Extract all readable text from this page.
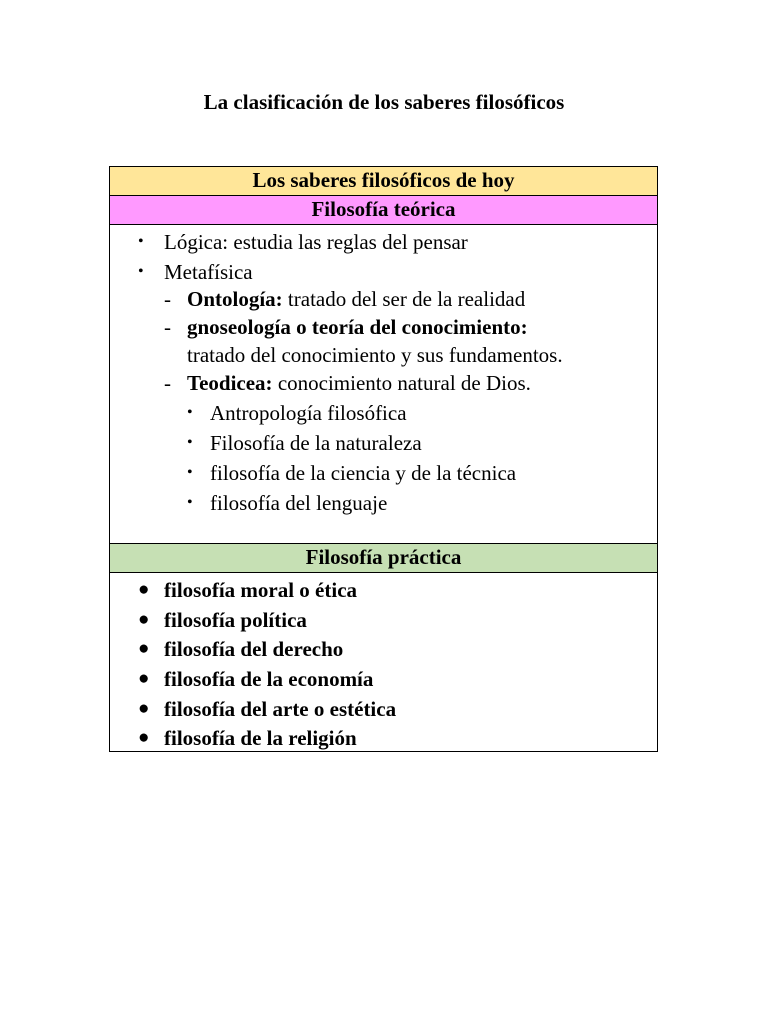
La clasificación de los saberes filosóficos
Los saberes filosóficos de hoy
Filosofía teórica
• Lógica: estudia las reglas del pensar
• Metafísica
- Ontología: tratado del ser de la realidad
- gnoseología o teoría del conocimiento:
tratado del conocimiento y sus fundamentos.
- Teodicea: conocimiento natural de Dios.
• Antropología filosófica
• Filosofía de la naturaleza
• filosofía de la ciencia y de la técnica
• filosofía del lenguaje
Filosofía práctica
● filosofía moral o ética
● filosofía política
● filosofía del derecho
● filosofía de la economía
● filosofía del arte o estética
● filosofía de la religión
